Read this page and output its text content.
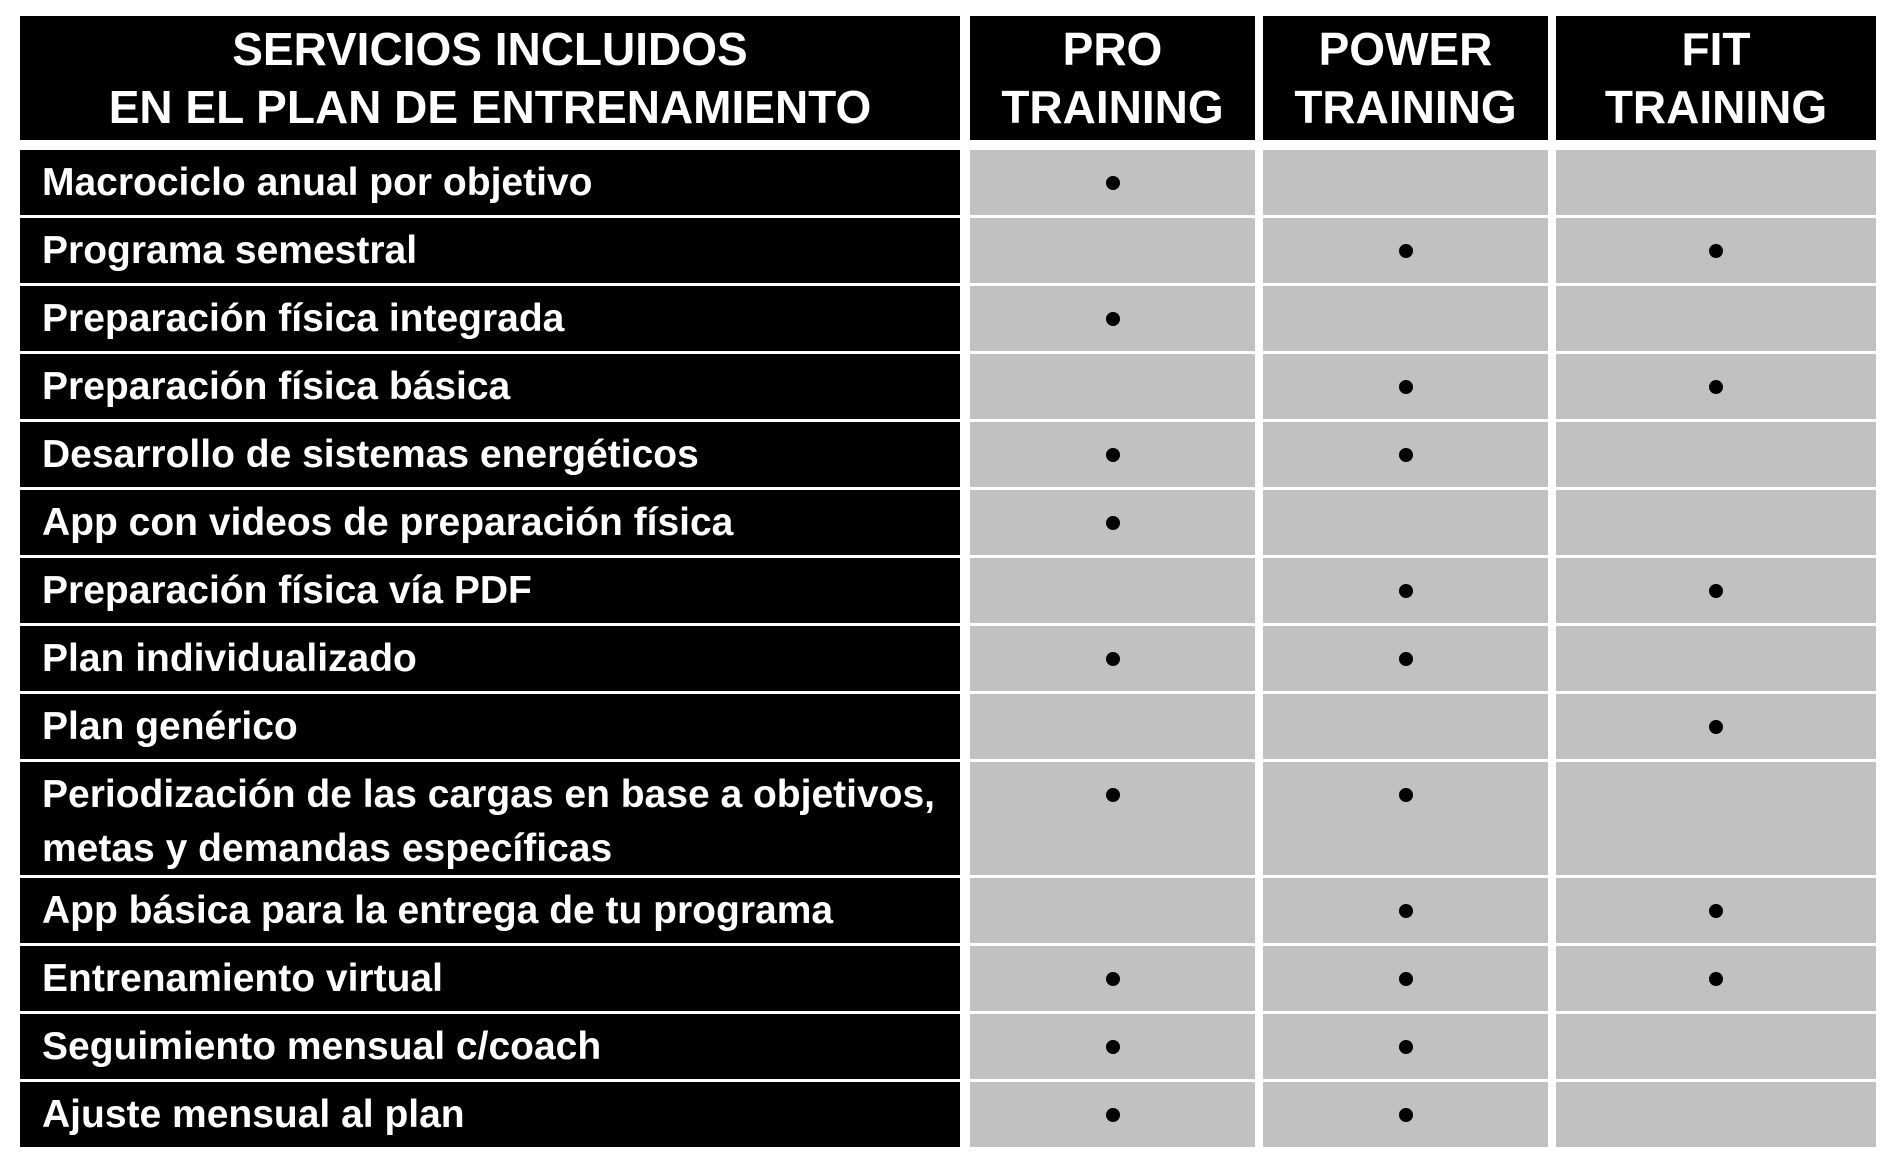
SERVICIOS INCLUIDOS
EN EL PLAN DE ENTRENAMIENTO
PRO
TRAINING
POWER
TRAINING
FIT
TRAINING
Macrociclo anual por objetivo
Programa semestral
Preparación física integrada
Preparación física básica
Desarrollo de sistemas energéticos
App con videos de preparación física
Preparación física vía PDF
Plan individualizado
Plan genérico
Periodización de las cargas en base a objetivos,
metas y demandas específicas
App básica para la entrega de tu programa
Entrenamiento virtual
Seguimiento mensual c/coach
Ajuste mensual al plan
